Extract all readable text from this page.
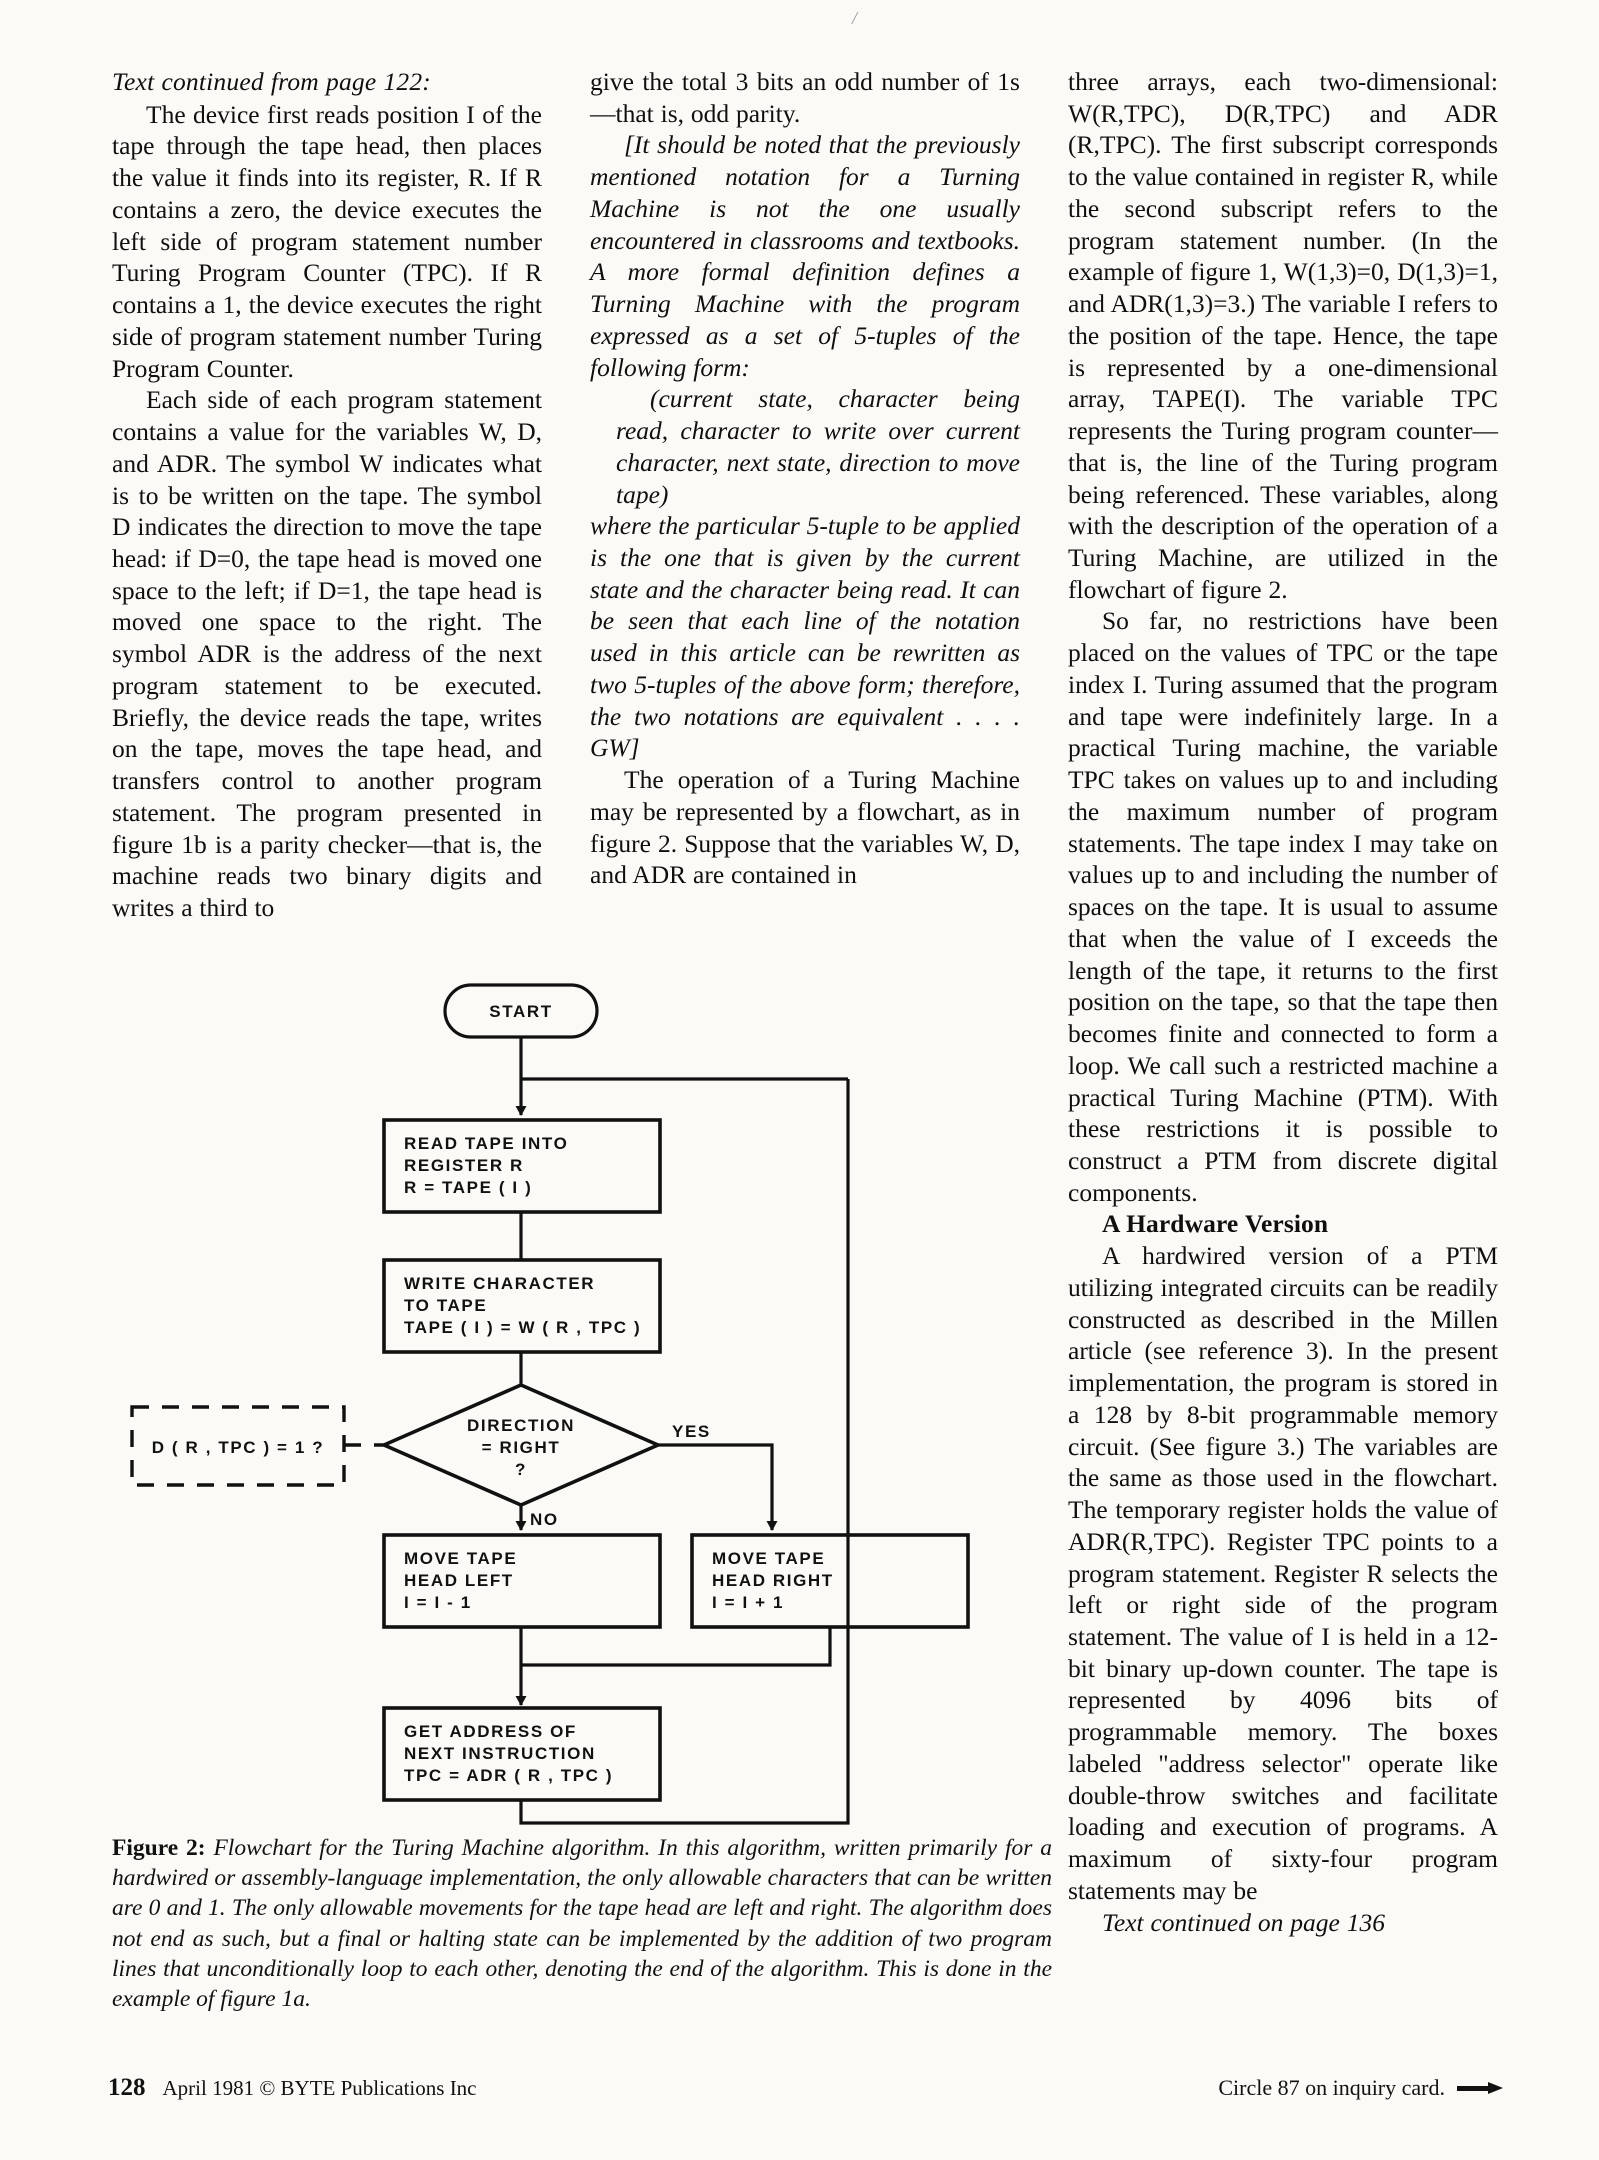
/

Text continued from page 122:

The device first reads position I of the tape through the tape head, then places the value it finds into its register, R. If R contains a zero, the device executes the left side of program statement number Turing Program Counter (TPC). If R contains a 1, the device executes the right side of program statement number Turing Program Counter.

Each side of each program statement contains a value for the variables W, D, and ADR. The symbol W indicates what is to be written on the tape. The symbol D indicates the direction to move the tape head: if D=0, the tape head is moved one space to the left; if D=1, the tape head is moved one space to the right. The symbol ADR is the address of the next program statement to be executed. Briefly, the device reads the tape, writes on the tape, moves the tape head, and transfers control to another program statement. The program presented in figure 1b is a parity checker—that is, the machine reads two binary digits and writes a third to

give the total 3 bits an odd number of 1s—that is, odd parity.

[It should be noted that the previously mentioned notation for a Turning Machine is not the one usually encountered in classrooms and textbooks. A more formal definition defines a Turning Machine with the program expressed as a set of 5-tuples of the following form:

(current state, character being read, character to write over current character, next state, direction to move tape)

where the particular 5-tuple to be applied is the one that is given by the current state and the character being read. It can be seen that each line of the notation used in this article can be rewritten as two 5-tuples of the above form; therefore, the two notations are equivalent . . . . GW]

The operation of a Turing Machine may be represented by a flowchart, as in figure 2. Suppose that the variables W, D, and ADR are contained in

three arrays, each two-dimensional: W(R,TPC), D(R,TPC) and ADR (R,TPC). The first subscript corresponds to the value contained in register R, while the second subscript refers to the program statement number. (In the example of figure 1, W(1,3)=0, D(1,3)=1, and ADR(1,3)=3.) The variable I refers to the position of the tape. Hence, the tape is represented by a one-dimensional array, TAPE(I). The variable TPC represents the Turing program counter—that is, the line of the Turing program being referenced. These variables, along with the description of the operation of a Turing Machine, are utilized in the flowchart of figure 2.

So far, no restrictions have been placed on the values of TPC or the tape index I. Turing assumed that the program and tape were indefinitely large. In a practical Turing machine, the variable TPC takes on values up to and including the maximum number of program statements. The tape index I may take on values up to and including the number of spaces on the tape. It is usual to assume that when the value of I exceeds the length of the tape, it returns to the first position on the tape, so that the tape then becomes finite and connected to form a loop. We call such a restricted machine a practical Turing Machine (PTM). With these restrictions it is possible to construct a PTM from discrete digital components.

A Hardware Version

A hardwired version of a PTM utilizing integrated circuits can be readily constructed as described in the Millen article (see reference 3). In the present implementation, the program is stored in a 128 by 8-bit programmable memory circuit. (See figure 3.) The variables are the same as those used in the flowchart. The temporary register holds the value of ADR(R,TPC). Register TPC points to a program statement. Register R selects the left or right side of the program statement. The value of I is held in a 12-bit binary up-down counter. The tape is represented by 4096 bits of programmable memory. The boxes labeled "address selector" operate like double-throw switches and facilitate loading and execution of programs. A maximum of sixty-four program statements may be

Text continued on page 136

START
READ TAPE INTO
REGISTER R
R = TAPE ( I )
WRITE CHARACTER
TO TAPE
TAPE ( I ) = W ( R , TPC )
DIRECTION
= RIGHT
?
YES
NO
MOVE TAPE
HEAD LEFT
I = I - 1
MOVE TAPE
HEAD RIGHT
I = I + 1
GET ADDRESS OF
NEXT INSTRUCTION
TPC = ADR ( R , TPC )
D ( R , TPC ) = 1 ?
Figure 2: Flowchart for the Turing Machine algorithm. In this algorithm, written primarily for a hardwired or assembly-language implementation, the only allowable characters that can be written are 0 and 1. The only allowable movements for the tape head are left and right. The algorithm does not end as such, but a final or halting state can be implemented by the addition of two program lines that unconditionally loop to each other, denoting the end of the algorithm. This is done in the example of figure 1a.
128 April 1981 © BYTE Publications Inc	Circle 87 on inquiry card.
